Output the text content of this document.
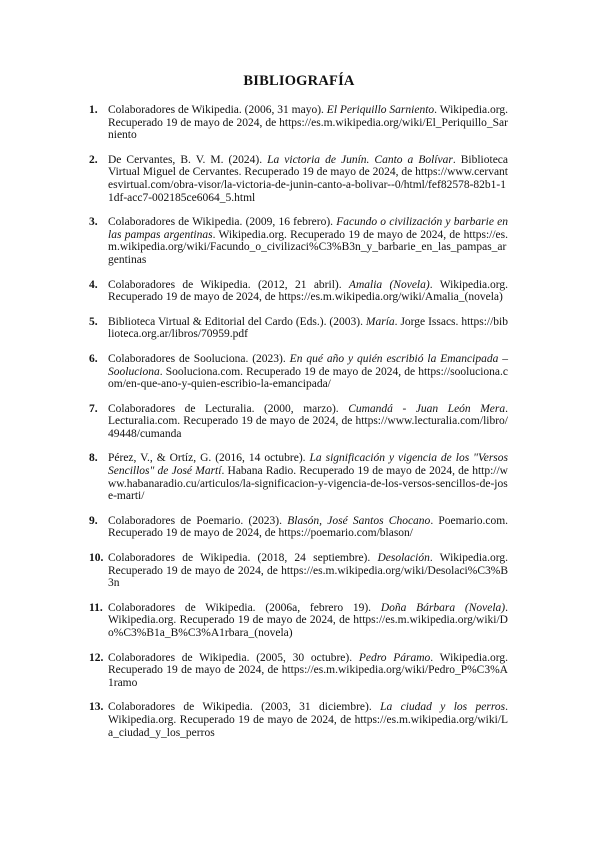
BIBLIOGRAFÍA
1. Colaboradores de Wikipedia. (2006, 31 mayo). El Periquillo Sarniento. Wikipedia.org. Recuperado 19 de mayo de 2024, de https://es.m.wikipedia.org/wiki/El_Periquillo_Sarniento
2. De Cervantes, B. V. M. (2024). La victoria de Junín. Canto a Bolívar. Biblioteca Virtual Miguel de Cervantes. Recuperado 19 de mayo de 2024, de https://www.cervantesvirtual.com/obra-visor/la-victoria-de-junin-canto-a-bolivar--0/html/fef82578-82b1-11df-acc7-002185ce6064_5.html
3. Colaboradores de Wikipedia. (2009, 16 febrero). Facundo o civilización y barbarie en las pampas argentinas. Wikipedia.org. Recuperado 19 de mayo de 2024, de https://es.m.wikipedia.org/wiki/Facundo_o_civilizaci%C3%B3n_y_barbarie_en_las_pampas_argentinas
4. Colaboradores de Wikipedia. (2012, 21 abril). Amalia (Novela). Wikipedia.org. Recuperado 19 de mayo de 2024, de https://es.m.wikipedia.org/wiki/Amalia_(novela)
5. Biblioteca Virtual & Editorial del Cardo (Eds.). (2003). María. Jorge Issacs. https://biblioteca.org.ar/libros/70959.pdf
6. Colaboradores de Sooluciona. (2023). En qué año y quién escribió la Emancipada – Sooluciona. Sooluciona.com. Recuperado 19 de mayo de 2024, de https://sooluciona.com/en-que-ano-y-quien-escribio-la-emancipada/
7. Colaboradores de Lecturalia. (2000, marzo). Cumandá - Juan León Mera. Lecturalia.com. Recuperado 19 de mayo de 2024, de https://www.lecturalia.com/libro/49448/cumanda
8. Pérez, V., & Ortíz, G. (2016, 14 octubre). La significación y vigencia de los "Versos Sencillos" de José Martí. Habana Radio. Recuperado 19 de mayo de 2024, de http://www.habanaradio.cu/articulos/la-significacion-y-vigencia-de-los-versos-sencillos-de-jose-marti/
9. Colaboradores de Poemario. (2023). Blasón, José Santos Chocano. Poemario.com. Recuperado 19 de mayo de 2024, de https://poemario.com/blason/
10. Colaboradores de Wikipedia. (2018, 24 septiembre). Desolación. Wikipedia.org. Recuperado 19 de mayo de 2024, de https://es.m.wikipedia.org/wiki/Desolaci%C3%B3n
11. Colaboradores de Wikipedia. (2006a, febrero 19). Doña Bárbara (Novela). Wikipedia.org. Recuperado 19 de mayo de 2024, de https://es.m.wikipedia.org/wiki/Do%C3%B1a_B%C3%A1rbara_(novela)
12. Colaboradores de Wikipedia. (2005, 30 octubre). Pedro Páramo. Wikipedia.org. Recuperado 19 de mayo de 2024, de https://es.m.wikipedia.org/wiki/Pedro_P%C3%A1ramo
13. Colaboradores de Wikipedia. (2003, 31 diciembre). La ciudad y los perros. Wikipedia.org. Recuperado 19 de mayo de 2024, de https://es.m.wikipedia.org/wiki/La_ciudad_y_los_perros
